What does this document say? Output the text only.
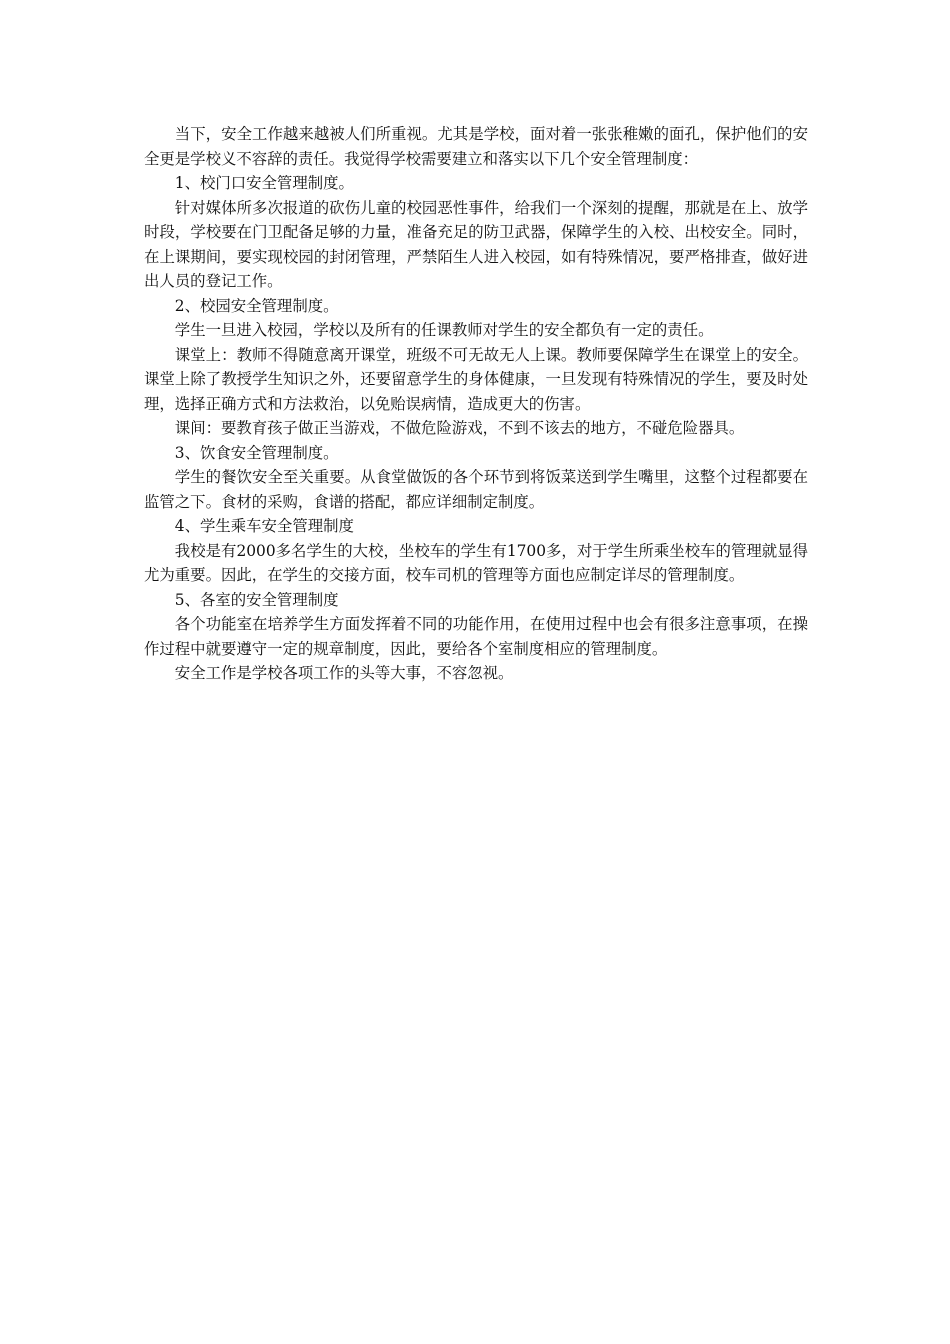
当下，安全工作越来越被人们所重视。尤其是学校，面对着一张张稚嫩的面孔，保护他们的安全更是学校义不容辞的责任。我觉得学校需要建立和落实以下几个安全管理制度：

1、校门口安全管理制度。

针对媒体所多次报道的砍伤儿童的校园恶性事件，给我们一个深刻的提醒，那就是在上、放学时段，学校要在门卫配备足够的力量，准备充足的防卫武器，保障学生的入校、出校安全。同时，在上课期间，要实现校园的封闭管理，严禁陌生人进入校园，如有特殊情况，要严格排查，做好进出人员的登记工作。

2、校园安全管理制度。

学生一旦进入校园，学校以及所有的任课教师对学生的安全都负有一定的责任。

课堂上：教师不得随意离开课堂，班级不可无故无人上课。教师要保障学生在课堂上的安全。课堂上除了教授学生知识之外，还要留意学生的身体健康，一旦发现有特殊情况的学生，要及时处理，选择正确方式和方法救治，以免贻误病情，造成更大的伤害。

课间：要教育孩子做正当游戏，不做危险游戏，不到不该去的地方，不碰危险器具。

3、饮食安全管理制度。

学生的餐饮安全至关重要。从食堂做饭的各个环节到将饭菜送到学生嘴里，这整个过程都要在监管之下。食材的采购，食谱的搭配，都应详细制定制度。

4、学生乘车安全管理制度

我校是有2000多名学生的大校，坐校车的学生有1700多，对于学生所乘坐校车的管理就显得尤为重要。因此，在学生的交接方面，校车司机的管理等方面也应制定详尽的管理制度。

5、各室的安全管理制度

各个功能室在培养学生方面发挥着不同的功能作用，在使用过程中也会有很多注意事项，在操作过程中就要遵守一定的规章制度，因此，要给各个室制度相应的管理制度。

安全工作是学校各项工作的头等大事，不容忽视。
